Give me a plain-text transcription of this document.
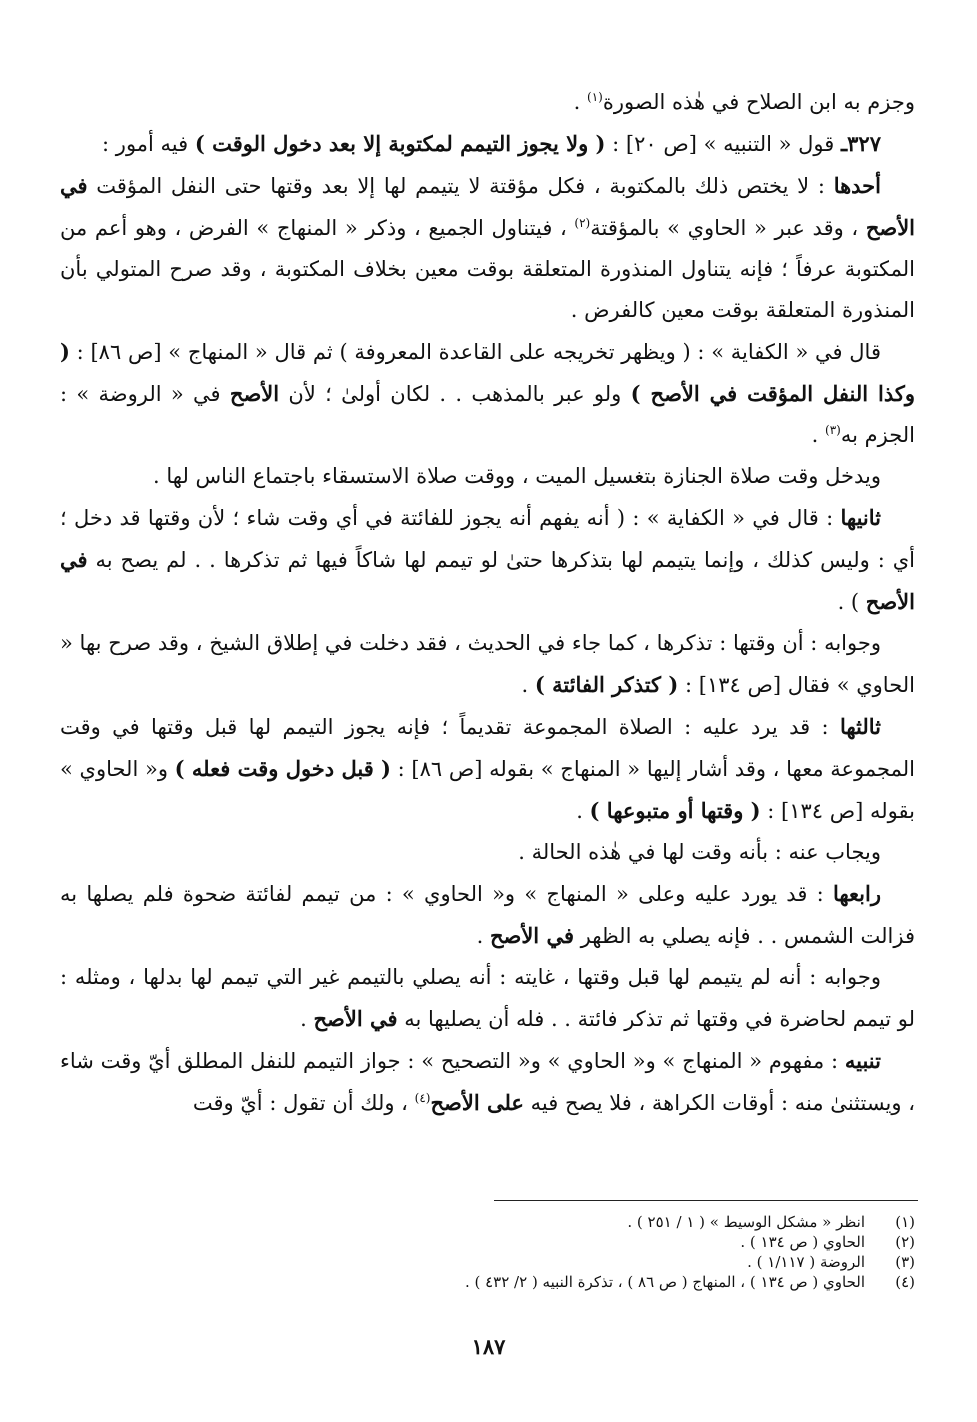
وجزم به ابن الصلاح في هٰذه الصورة$^{(١)}$ .

٣٢٧ـ قول « التنبيه » [ص ٢٠] : ( ولا يجوز التيمم لمكتوبة إلا بعد دخول الوقت ) فيه أمور :

أحدها : لا يختص ذلك بالمكتوبة ، فكل مؤقتة لا يتيمم لها إلا بعد وقتها حتى النفل المؤقت في الأصح ، وقد عبر « الحاوي » بالمؤقتة$^{(٢)}$ ، فيتناول الجميع ، وذكر « المنهاج » الفرض ، وهو أعم من المكتوبة عرفاً ؛ فإنه يتناول المنذورة المتعلقة بوقت معين بخلاف المكتوبة ، وقد صرح المتولي بأن المنذورة المتعلقة بوقت معين كالفرض .

قال في « الكفاية » : ( ويظهر تخريجه على القاعدة المعروفة ) ثم قال « المنهاج » [ص ٨٦] : ( وكذا النفل المؤقت في الأصح ) ولو عبر بالمذهب . . لكان أولىٰ ؛ لأن الأصح في « الروضة » : الجزم به$^{(٣)}$ .

ويدخل وقت صلاة الجنازة بتغسيل الميت ، ووقت صلاة الاستسقاء باجتماع الناس لها .

ثانيها : قال في « الكفاية » : ( أنه يفهم أنه يجوز للفائتة في أي وقت شاء ؛ لأن وقتها قد دخل ؛ أي : وليس كذلك ، وإنما يتيمم لها بتذكرها حتىٰ لو تيمم لها شاكاً فيها ثم تذكرها . . لم يصح به في الأصح ) .

وجوابه : أن وقتها : تذكرها ، كما جاء في الحديث ، فقد دخلت في إطلاق الشيخ ، وقد صرح بها « الحاوي » فقال [ص ١٣٤] : ( كتذكر الفائتة ) .

ثالثها : قد يرد عليه : الصلاة المجموعة تقديماً ؛ فإنه يجوز التيمم لها قبل وقتها في وقت المجموعة معها ، وقد أشار إليها « المنهاج » بقوله [ص ٨٦] : ( قبل دخول وقت فعله ) و« الحاوي » بقوله [ص ١٣٤] : ( وقتها أو متبوعها ) .

ويجاب عنه : بأنه وقت لها في هٰذه الحالة .

رابعها : قد يورد عليه وعلى « المنهاج » و« الحاوي » : من تيمم لفائتة ضحوة فلم يصلها به فزالت الشمس . . فإنه يصلي به الظهر في الأصح .

وجوابه : أنه لم يتيمم لها قبل وقتها ، غايته : أنه يصلي بالتيمم غير التي تيمم لها بدلها ، ومثله : لو تيمم لحاضرة في وقتها ثم تذكر فائتة . . فله أن يصليها به في الأصح .

تنبيه : مفهوم « المنهاج » و« الحاوي » و« التصحيح » : جواز التيمم للنفل المطلق أيّ وقت شاء ، ويستثنىٰ منه : أوقات الكراهة ، فلا يصح فيه على الأصح$^{(٤)}$ ، ولك أن تقول : أيّ وقت

(١)
انظر « مشكل الوسيط » ( ١ / ٢٥١ ) .
(٢)
الحاوي ( ص ١٣٤ ) .
(٣)
الروضة ( ١/١١٧ ) .
(٤)
الحاوي ( ص ١٣٤ ) ، المنهاج ( ص ٨٦ ) ، تذكرة النبيه ( ٢/ ٤٣٢ ) .
١٨٧
